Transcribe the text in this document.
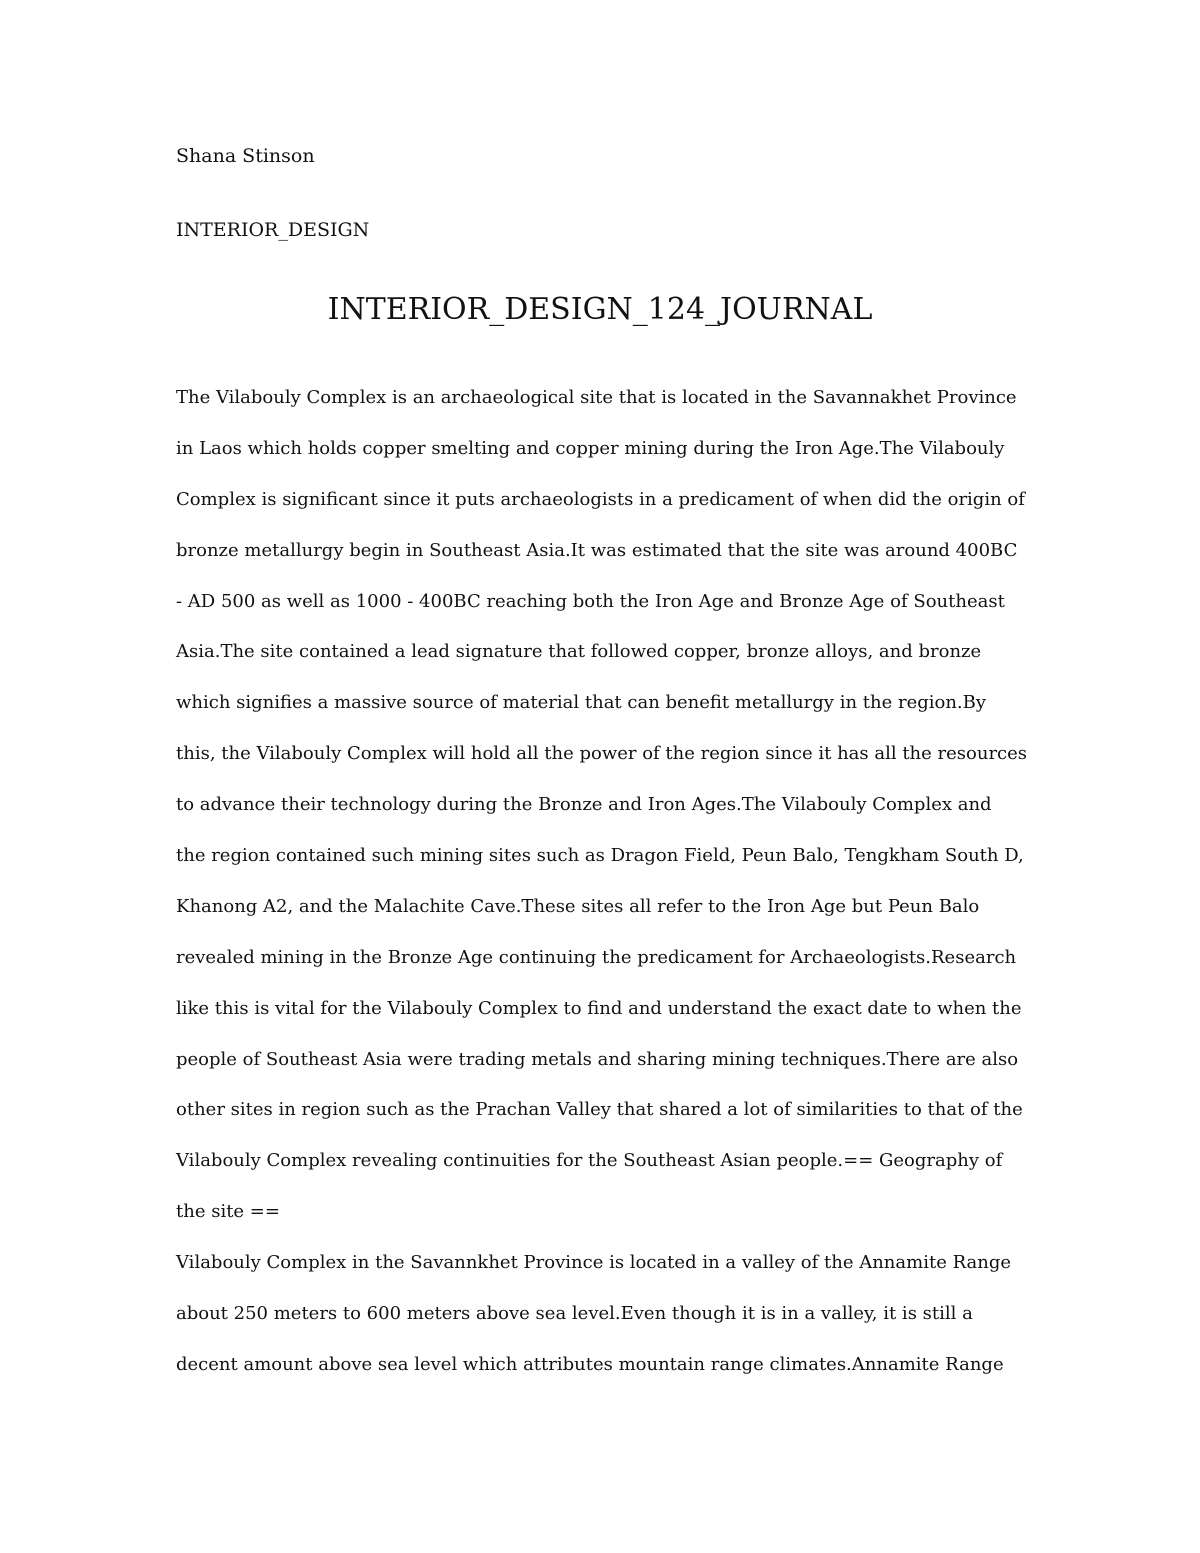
Shana Stinson
INTERIOR_DESIGN
INTERIOR_DESIGN_124_JOURNAL
The Vilabouly Complex is an archaeological site that is located in the Savannakhet Province
in Laos which holds copper smelting and copper mining during the Iron Age.The Vilabouly
Complex is significant since it puts archaeologists in a predicament of when did the origin of
bronze metallurgy begin in Southeast Asia.It was estimated that the site was around 400BC
- AD 500 as well as 1000 - 400BC reaching both the Iron Age and Bronze Age of Southeast
Asia.The site contained a lead signature that followed copper, bronze alloys, and bronze
which signifies a massive source of material that can benefit metallurgy in the region.By
this, the Vilabouly Complex will hold all the power of the region since it has all the resources
to advance their technology during the Bronze and Iron Ages.The Vilabouly Complex and
the region contained such mining sites such as Dragon Field, Peun Balo, Tengkham South D,
Khanong A2, and the Malachite Cave.These sites all refer to the Iron Age but Peun Balo
revealed mining in the Bronze Age continuing the predicament for Archaeologists.Research
like this is vital for the Vilabouly Complex to find and understand the exact date to when the
people of Southeast Asia were trading metals and sharing mining techniques.There are also
other sites in region such as the Prachan Valley that shared a lot of similarities to that of the
Vilabouly Complex revealing continuities for the Southeast Asian people.== Geography of
the site ==
Vilabouly Complex in the Savannkhet Province is located in a valley of the Annamite Range
about 250 meters to 600 meters above sea level.Even though it is in a valley, it is still a
decent amount above sea level which attributes mountain range climates.Annamite Range
